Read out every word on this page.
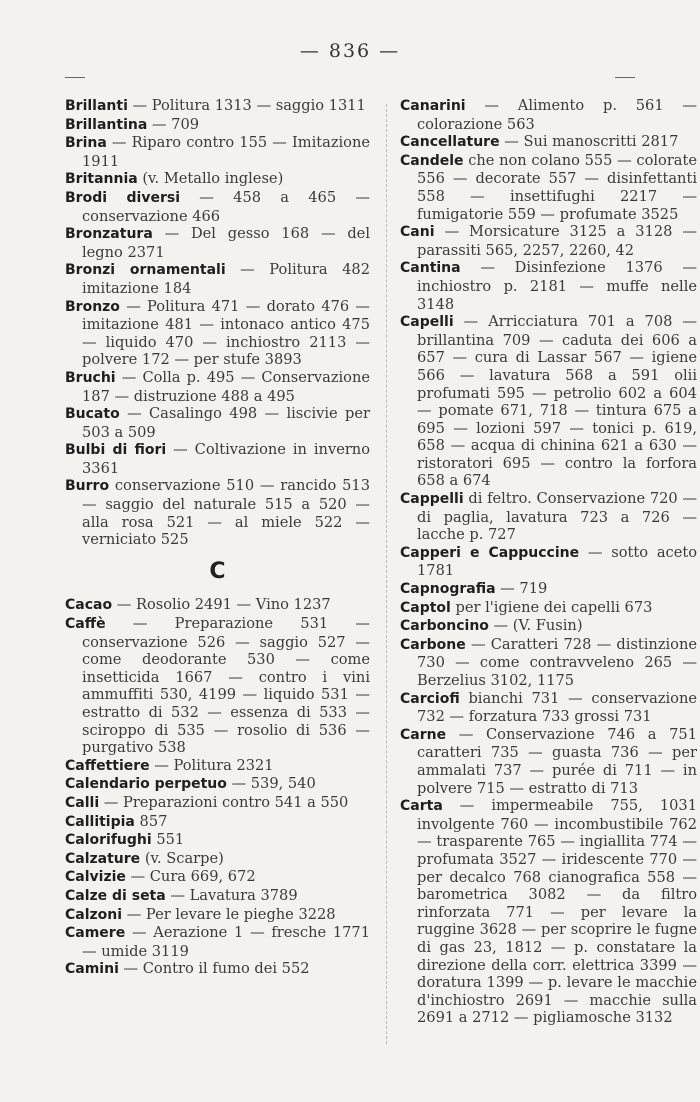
— 836 —

Brillanti — Politura 1313 — saggio 1311

Brillantina — 709

Brina — Riparo contro 155 — Imitazione 1911

Britannia (v. Metallo inglese)

Brodi diversi — 458 a 465 — conservazione 466

Bronzatura — Del gesso 168 — del legno 2371

Bronzi ornamentali — Politura 482 imitazione 184

Bronzo — Politura 471 — dorato 476 — imitazione 481 — intonaco antico 475 — liquido 470 — inchiostro 2113 — polvere 172 — per stufe 3893

Bruchi — Colla p. 495 — Conservazione 187 — distruzione 488 a 495

Bucato — Casalingo 498 — liscivie per 503 a 509

Bulbi di fiori — Coltivazione in inverno 3361

Burro conservazione 510 — rancido 513 — saggio del naturale 515 a 520 — alla rosa 521 — al miele 522 — verniciato 525

C

Cacao — Rosolio 2491 — Vino 1237

Caffè — Preparazione 531 — conservazione 526 — saggio 527 — come deodorante 530 — come insetticida 1667 — contro i vini ammuffiti 530, 4199 — liquido 531 — estratto di 532 — essenza di 533 — sciroppo di 535 — rosolio di 536 — purgativo 538

Caffettiere — Politura 2321

Calendario perpetuo — 539, 540

Calli — Preparazioni contro 541 a 550

Callitipia 857

Calorifughi 551

Calzature (v. Scarpe)

Calvizie — Cura 669, 672

Calze di seta — Lavatura 3789

Calzoni — Per levare le pieghe 3228

Camere — Aerazione 1 — fresche 1771 — umide 3119

Camini — Contro il fumo dei 552

Canarini — Alimento p. 561 — colorazione 563

Cancellature — Sui manoscritti 2817

Candele che non colano 555 — colorate 556 — decorate 557 — disinfettanti 558 — insettifughi 2217 — fumigatorie 559 — profumate 3525

Cani — Morsicature 3125 a 3128 — parassiti 565, 2257, 2260, 42

Cantina — Disinfezione 1376 — inchiostro p. 2181 — muffe nelle 3148

Capelli — Arricciatura 701 a 708 — brillantina 709 — caduta dei 606 a 657 — cura di Lassar 567 — igiene 566 — lavatura 568 a 591 olii profumati 595 — petrolio 602 a 604 — pomate 671, 718 — tintura 675 a 695 — lozioni 597 — tonici p. 619, 658 — acqua di chinina 621 a 630 — ristoratori 695 — contro la forfora 658 a 674

Cappelli di feltro. Conservazione 720 — di paglia, lavatura 723 a 726 — lacche p. 727

Capperi e Cappuccine — sotto aceto 1781

Capnografia — 719

Captol per l'igiene dei capelli 673

Carboncino — (V. Fusin)

Carbone — Caratteri 728 — distinzione 730 — come contravveleno 265 — Berzelius 3102, 1175

Carciofi bianchi 731 — conservazione 732 — forzatura 733 grossi 731

Carne — Conservazione 746 a 751 caratteri 735 — guasta 736 — per ammalati 737 — purée di 711 — in polvere 715 — estratto di 713

Carta — impermeabile 755, 1031 involgente 760 — incombustibile 762 — trasparente 765 — ingiallita 774 — profumata 3527 — iridescente 770 — per decalco 768 cianografica 558 — barometrica 3082 — da filtro rinforzata 771 — per levare la ruggine 3628 — per scoprire le fugne di gas 23, 1812 — p. constatare la direzione della corr. elettrica 3399 — doratura 1399 — p. levare le macchie d'inchiostro 2691 — macchie sulla 2691 a 2712 — pigliamosche 3132
